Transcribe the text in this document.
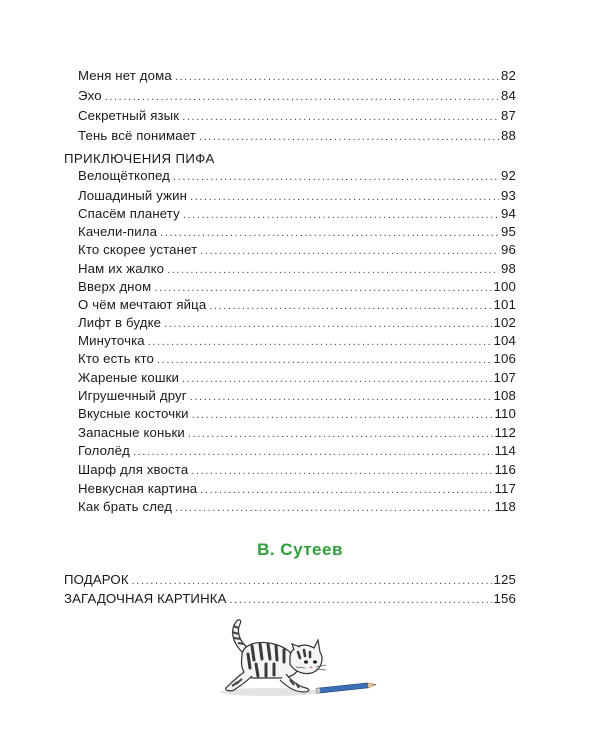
Меня нет дома .....	82
Эхо .....	84
Секретный язык .....	87
Тень всё понимает .....	88
ПРИКЛЮЧЕНИЯ ПИФА
Велощёткопед .....	92
Лошадиный ужин .....	93
Спасём планету .....	94
Качели-пила .....	95
Кто скорее устанет .....	96
Нам их жалко .....	98
Вверх дном .....	100
О чём мечтают яйца .....	101
Лифт в будке .....	102
Минуточка .....	104
Кто есть кто .....	106
Жареные кошки .....	107
Игрушечный друг .....	108
Вкусные косточки .....	110
Запасные коньки .....	112
Гололёд .....	114
Шарф для хвоста .....	116
Невкусная картина .....	117
Как брать след .....	118
В. Сутеев
ПОДАРОК .....	125
ЗАГАДОЧНАЯ КАРТИНКА .....	156
